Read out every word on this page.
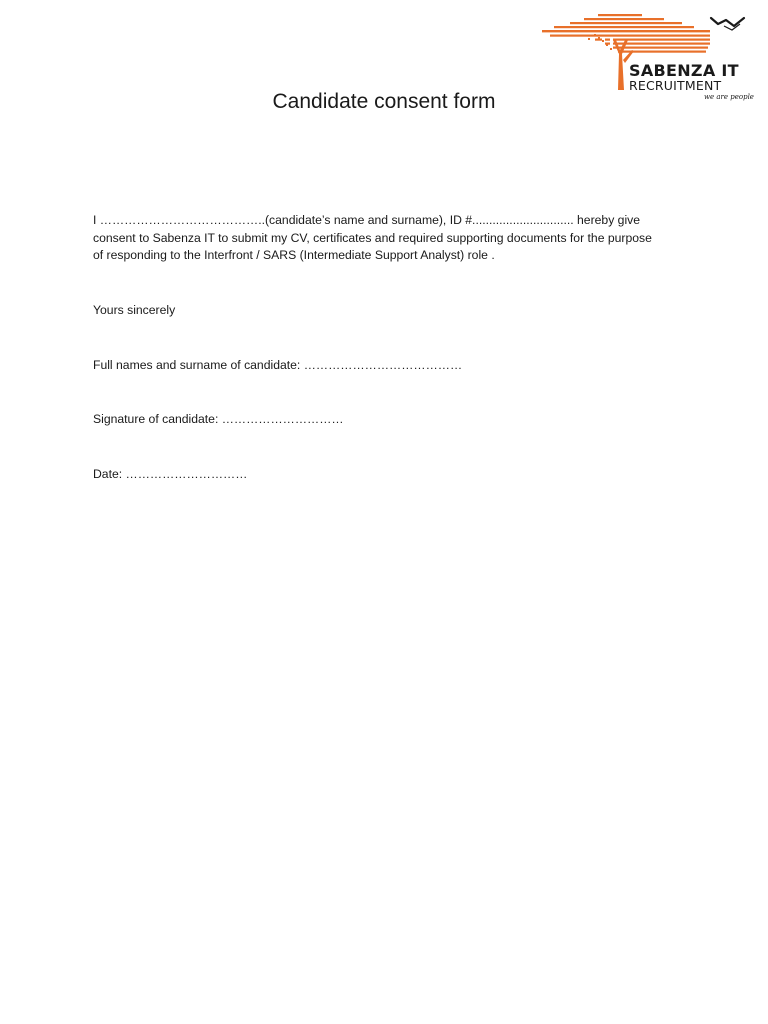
SABENZA IT
RECRUITMENT
we are people
Candidate consent form

I …………………………………..(candidate’s name and surname), ID #.............................. hereby give consent to Sabenza IT to submit my CV, certificates and required supporting documents for the purpose of responding to the Interfront / SARS (Intermediate Support Analyst) role .

Yours sincerely

Full names and surname of candidate: …………………………………

Signature of candidate: …………………………

Date: …………………………
